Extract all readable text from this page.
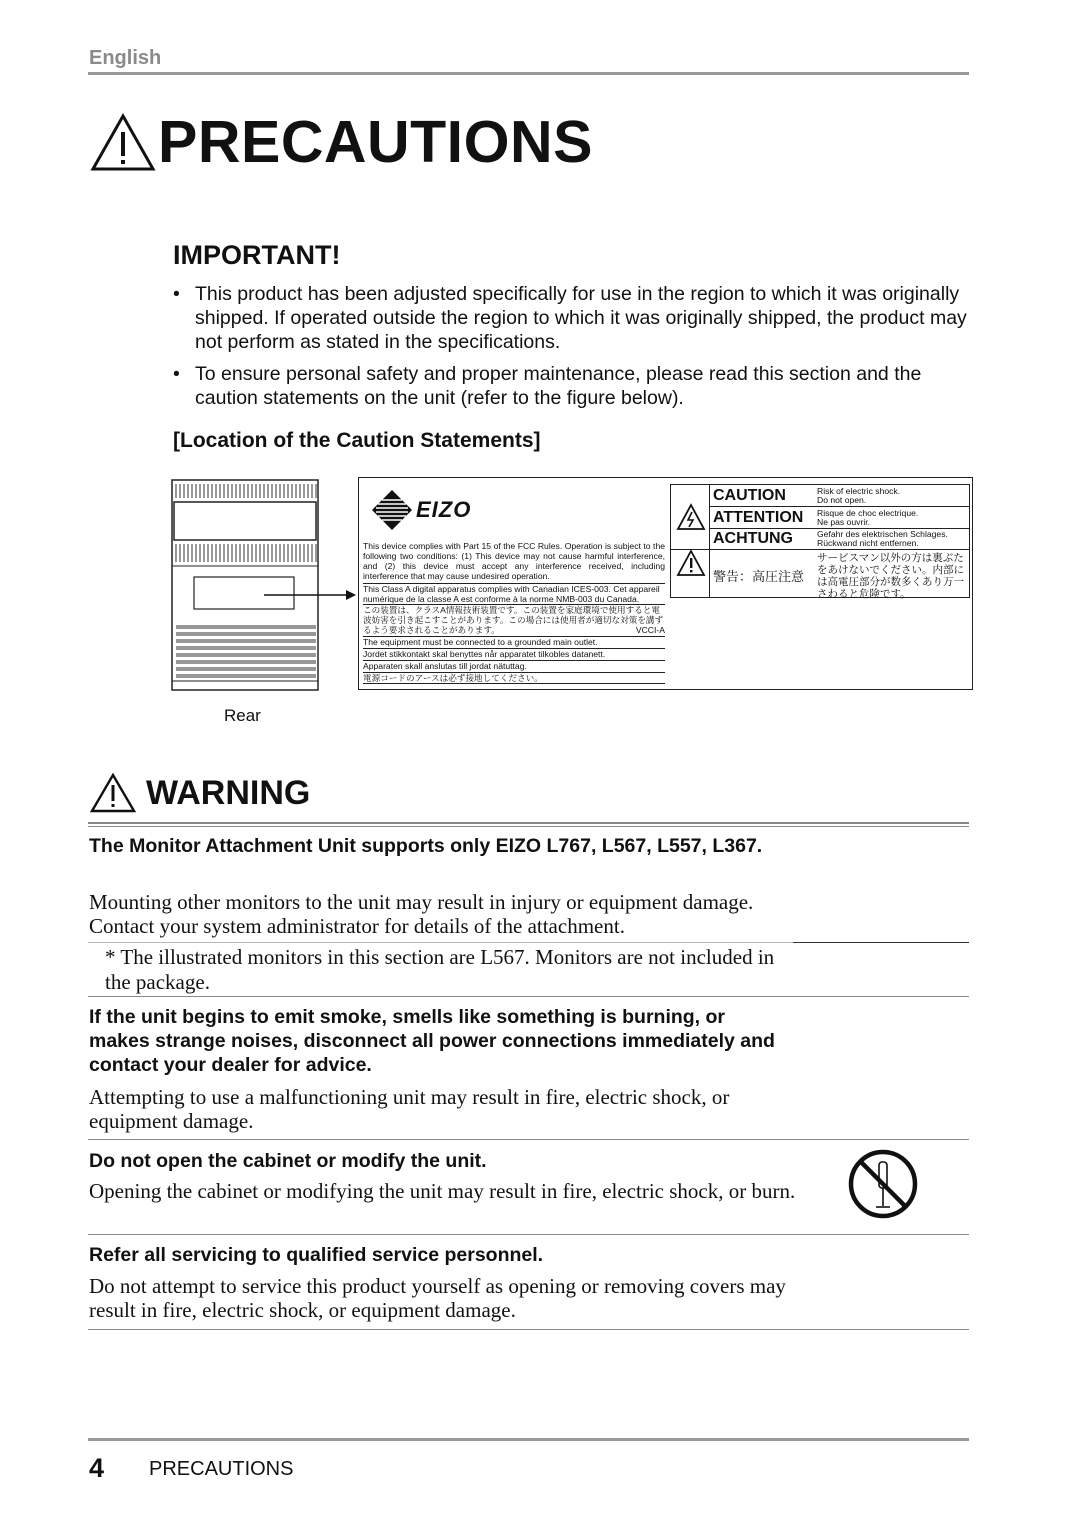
English
PRECAUTIONS
IMPORTANT!
• This product has been adjusted specifically for use in the region to which it was originally shipped. If operated outside the region to which it was originally shipped, the product may not perform as stated in the specifications.
• To ensure personal safety and proper maintenance, please read this section and the caution statements on the unit (refer to the figure below).
[Location of the Caution Statements]
Rear
EIZO
This device complies with Part 15 of the FCC Rules. Operation is subject to the following two conditions: (1) This device may not cause harmful interference, and (2) this device must accept any interference received, including interference that may cause undesired operation.
This Class A digital apparatus complies with Canadian ICES-003. Cet appareil numérique de la classe A est conforme à la norme NMB-003 du Canada.
この装置は、クラスA情報技術装置です。この装置を家庭環境で使用すると電波妨害を引き起こすことがあります。この場合には使用者が適切な対策を講ずるよう要求されることがあります。	VCCI-A
The equipment must be connected to a grounded main outlet.
Jordet stikkontakt skal benyttes når apparatet tilkobles datanett.
Apparaten skall anslutas till jordat nätuttag.
電源コードのアースは必ず接地してください。
CAUTION	Risk of electric shock.
Do not open.
ATTENTION Risque de choc electrique.
Ne pas ouvrir.
ACHTUNG	Gefahr des elektrischen Schlages.
Rückwand nicht entfernen.
警告：高圧注意
サービスマン以外の方は裏ぶたをあけないでください。内部には高電圧部分が数多くあり万一さわると危険です。
WARNING
The Monitor Attachment Unit supports only EIZO L767, L567, L557, L367.
Mounting other monitors to the unit may result in injury or equipment damage. Contact your system administrator for details of the attachment.
* The illustrated monitors in this section are L567. Monitors are not included in the package.
If the unit begins to emit smoke, smells like something is burning, or makes strange noises, disconnect all power connections immediately and contact your dealer for advice.
Attempting to use a malfunctioning unit may result in fire, electric shock, or equipment damage.
Do not open the cabinet or modify the unit.
Opening the cabinet or modifying the unit may result in fire, electric shock, or burn.
Refer all servicing to qualified service personnel.
Do not attempt to service this product yourself as opening or removing covers may result in fire, electric shock, or equipment damage.
4 PRECAUTIONS
